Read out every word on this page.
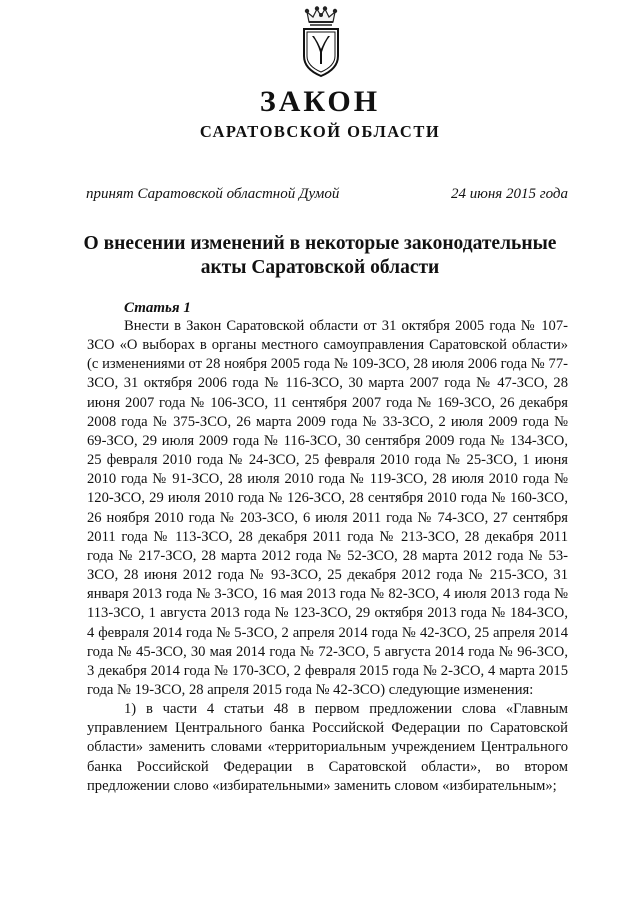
ЗАКОН
САРАТОВСКОЙ ОБЛАСТИ
принят Саратовской областной Думой	24 июня 2015 года
О внесении изменений в некоторые законодательные акты Саратовской области
Статья 1

Внести в Закон Саратовской области от 31 октября 2005 года № 107-ЗСО «О выборах в органы местного самоуправления Саратовской области» (с изменениями от 28 ноября 2005 года № 109-ЗСО, 28 июля 2006 года № 77-ЗСО, 31 октября 2006 года № 116-ЗСО, 30 марта 2007 года № 47-ЗСО, 28 июня 2007 года № 106-ЗСО, 11 сентября 2007 года № 169-ЗСО, 26 декабря 2008 года № 375-ЗСО, 26 марта 2009 года № 33-ЗСО, 2 июля 2009 года № 69-ЗСО, 29 июля 2009 года № 116-ЗСО, 30 сентября 2009 года № 134-ЗСО, 25 февраля 2010 года № 24-ЗСО, 25 февраля 2010 года № 25-ЗСО, 1 июня 2010 года № 91-ЗСО, 28 июля 2010 года № 119-ЗСО, 28 июля 2010 года № 120-ЗСО, 29 июля 2010 года № 126-ЗСО, 28 сентября 2010 года № 160-ЗСО, 26 ноября 2010 года № 203-ЗСО, 6 июля 2011 года № 74-ЗСО, 27 сентября 2011 года № 113-ЗСО, 28 декабря 2011 года № 213-ЗСО, 28 декабря 2011 года № 217-ЗСО, 28 марта 2012 года № 52-ЗСО, 28 марта 2012 года № 53-ЗСО, 28 июня 2012 года № 93-ЗСО, 25 декабря 2012 года № 215-ЗСО, 31 января 2013 года № 3-ЗСО, 16 мая 2013 года № 82-ЗСО, 4 июля 2013 года № 113-ЗСО, 1 августа 2013 года № 123-ЗСО, 29 октября 2013 года № 184-ЗСО, 4 февраля 2014 года № 5-ЗСО, 2 апреля 2014 года № 42-ЗСО, 25 апреля 2014 года № 45-ЗСО, 30 мая 2014 года № 72-ЗСО, 5 августа 2014 года № 96-ЗСО, 3 декабря 2014 года № 170-ЗСО, 2 февраля 2015 года № 2-ЗСО, 4 марта 2015 года № 19-ЗСО, 28 апреля 2015 года № 42-ЗСО) следующие изменения:

1) в части 4 статьи 48 в первом предложении слова «Главным управлением Центрального банка Российской Федерации по Саратовской области» заменить словами «территориальным учреждением Центрального банка Российской Федерации в Саратовской области», во втором предложении слово «избирательными» заменить словом «избирательным»;
